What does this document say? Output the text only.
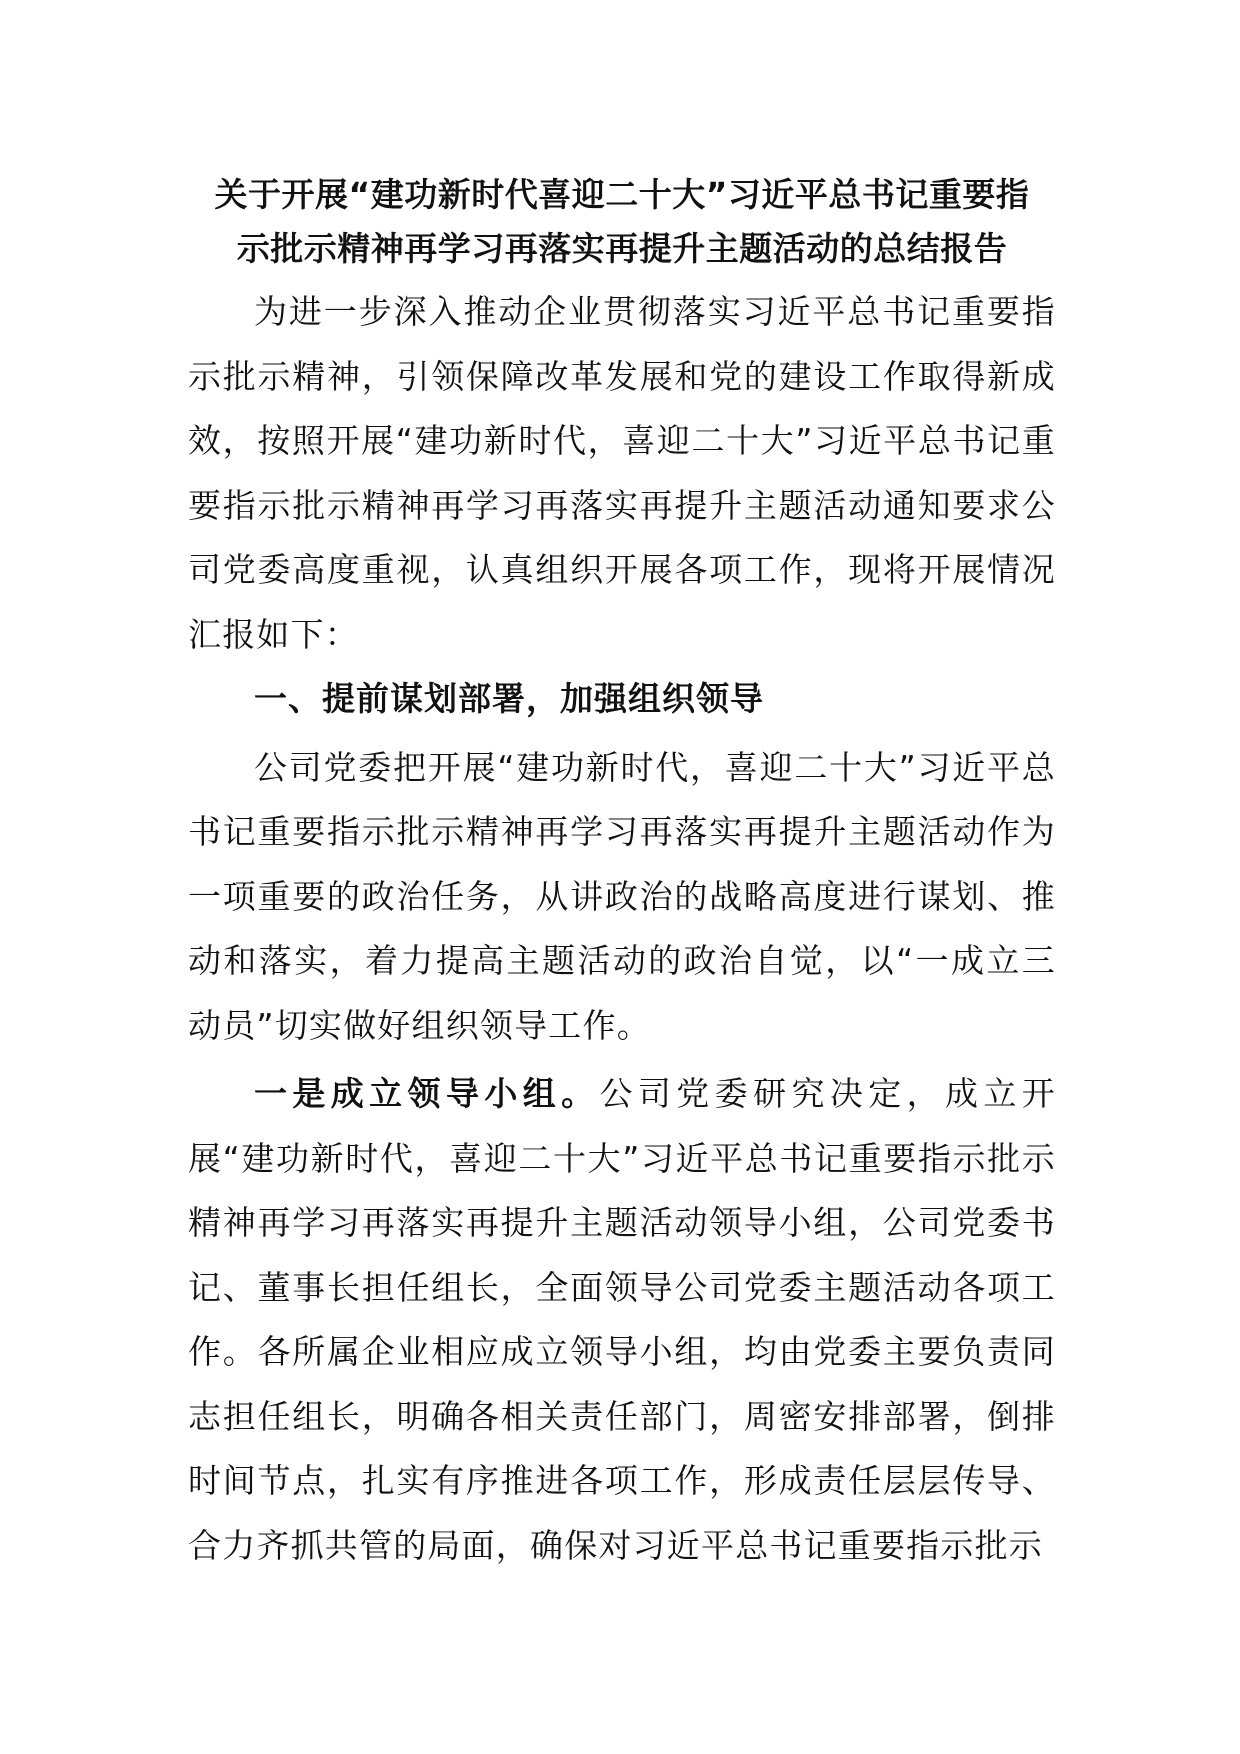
关于开展“建功新时代喜迎二十大”习近平总书记重要指
示批示精神再学习再落实再提升主题活动的总结报告

为进一步深入推动企业贯彻落实习近平总书记重要指示批示精神，引领保障改革发展和党的建设工作取得新成效，按照开展“建功新时代，喜迎二十大”习近平总书记重要指示批示精神再学习再落实再提升主题活动通知要求公司党委高度重视，认真组织开展各项工作，现将开展情况汇报如下：

一、提前谋划部署，加强组织领导

公司党委把开展“建功新时代，喜迎二十大”习近平总书记重要指示批示精神再学习再落实再提升主题活动作为一项重要的政治任务，从讲政治的战略高度进行谋划、推动和落实，着力提高主题活动的政治自觉，以“一成立三动员”切实做好组织领导工作。

一是成立领导小组。公司党委研究决定，成立开展“建功新时代，喜迎二十大”习近平总书记重要指示批示精神再学习再落实再提升主题活动领导小组，公司党委书记、董事长担任组长，全面领导公司党委主题活动各项工作。各所属企业相应成立领导小组，均由党委主要负责同志担任组长，明确各相关责任部门，周密安排部署，倒排时间节点，扎实有序推进各项工作，形成责任层层传导、合力齐抓共管的局面，确保对习近平总书记重要指示批示
